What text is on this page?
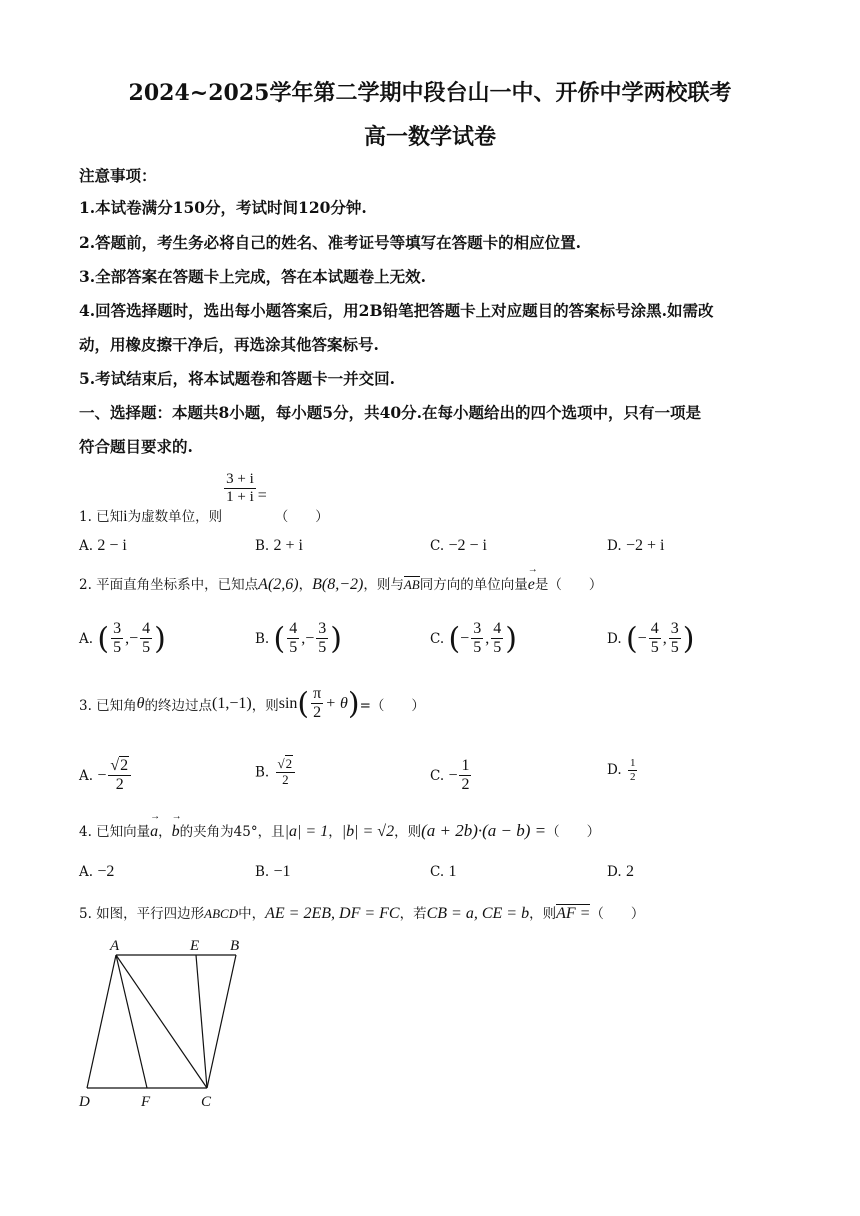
2024~2025学年第二学期中段台山一中、开侨中学两校联考
高一数学试卷
注意事项：
1.本试卷满分150分，考试时间120分钟.
2.答题前，考生务必将自己的姓名、准考证号等填写在答题卡的相应位置.
3.全部答案在答题卡上完成，答在本试题卷上无效.
4.回答选择题时，选出每小题答案后，用2B铅笔把答题卡上对应题目的答案标号涂黑.如需改
动，用橡皮擦干净后，再选涂其他答案标号.
5.考试结束后，将本试题卷和答题卡一并交回.
一、选择题：本题共8小题，每小题5分，共40分.在每小题给出的四个选项中，只有一项是
符合题目要求的.
1. 已知i为虚数单位，则
$\frac{3 + i}{1 + i}$ =（　　）
A. 2 − i	B. 2 + i	C. −2 − i	D. −2 + i
2. 平面直角坐标系中，已知点A(2,6)，B(8,−2)，则与AB同方向的单位向量→ e是（　　）
A. ( $\frac{3}{5}$ ,− $\frac{4}{5}$ )	B. ( $\frac{4}{5}$ ,− $\frac{3}{5}$ )	C. (− $\frac{3}{5}$ , $\frac{4}{5}$ )	D. (− $\frac{4}{5}$ , $\frac{3}{5}$ )
3. 已知角θ的终边过点(1,−1)，则$\sin( \frac{\pi}{2} + \theta)=$（　　）
A. − $\frac{√2}{2}$	B. $\frac{√2}{2}$	C. − $\frac{1}{2}$	D. $\frac{1}{2}$
4. 已知向量→ a，→ b的夹角为45°，且|a| = 1，|b| = √2，则(a + 2b)·(a − b) =（　　）
A. −2	B. −1	C. 1	D. 2
5. 如图，平行四边形ABCD中，AE = 2EB, DF = FC，若CB = a, CE = b，则AF =（　　）
A	E B
D	F	C
